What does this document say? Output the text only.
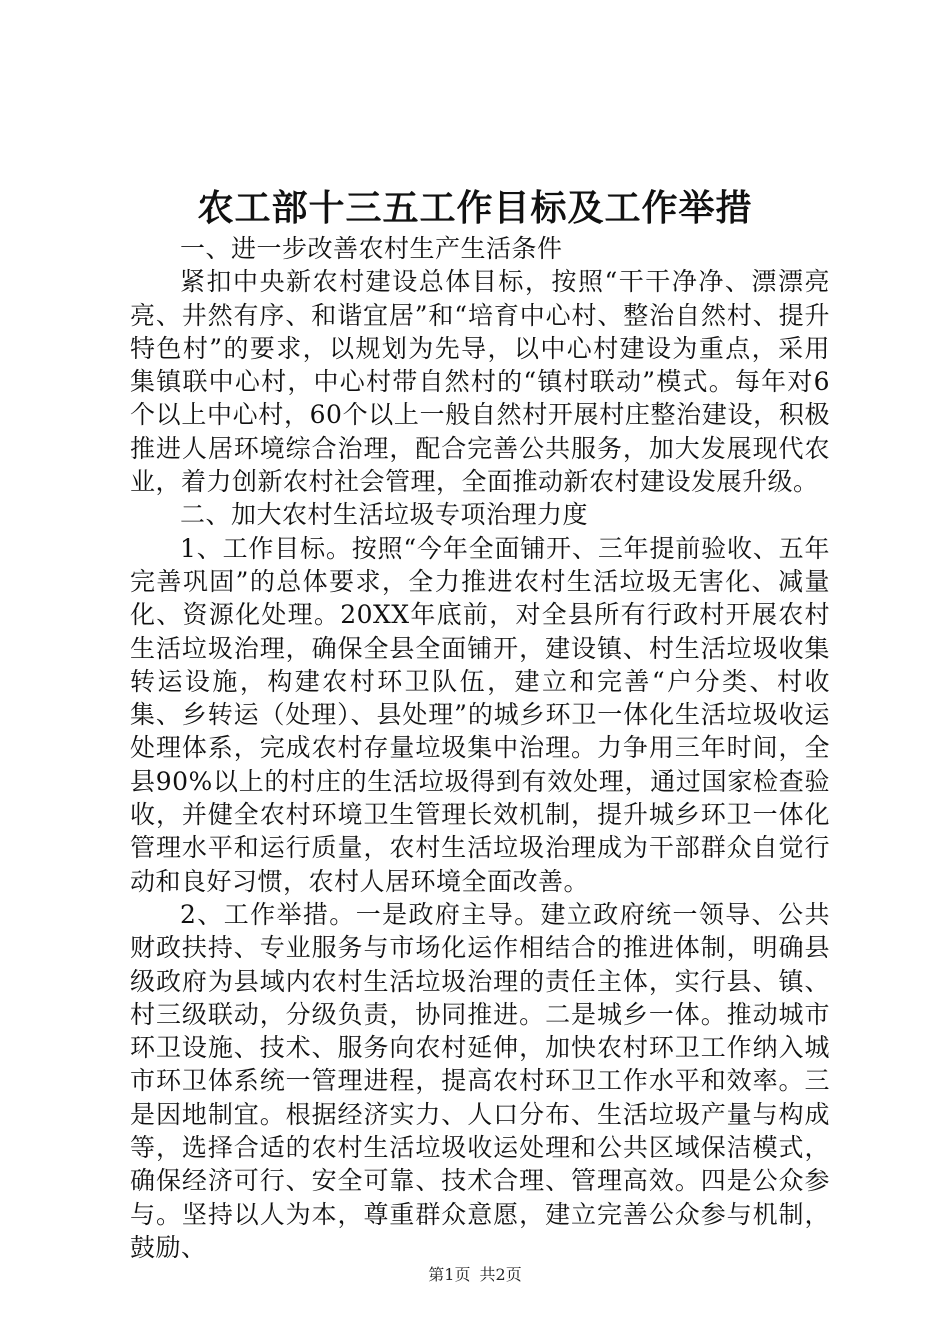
农工部十三五工作目标及工作举措

一、进一步改善农村生产生活条件

紧扣中央新农村建设总体目标，按照“干干净净、漂漂亮亮、井然有序、和谐宜居”和“培育中心村、整治自然村、提升特色村”的要求，以规划为先导，以中心村建设为重点，采用集镇联中心村，中心村带自然村的“镇村联动”模式。每年对6个以上中心村，60个以上一般自然村开展村庄整治建设，积极推进人居环境综合治理，配合完善公共服务，加大发展现代农业，着力创新农村社会管理，全面推动新农村建设发展升级。

二、加大农村生活垃圾专项治理力度

1、工作目标。按照“今年全面铺开、三年提前验收、五年完善巩固”的总体要求，全力推进农村生活垃圾无害化、减量化、资源化处理。20XX年底前，对全县所有行政村开展农村生活垃圾治理，确保全县全面铺开，建设镇、村生活垃圾收集转运设施，构建农村环卫队伍，建立和完善“户分类、村收集、乡转运（处理）、县处理”的城乡环卫一体化生活垃圾收运处理体系，完成农村存量垃圾集中治理。力争用三年时间，全县90%以上的村庄的生活垃圾得到有效处理，通过国家检查验收，并健全农村环境卫生管理长效机制，提升城乡环卫一体化管理水平和运行质量，农村生活垃圾治理成为干部群众自觉行动和良好习惯，农村人居环境全面改善。

2、工作举措。一是政府主导。建立政府统一领导、公共财政扶持、专业服务与市场化运作相结合的推进体制，明确县级政府为县域内农村生活垃圾治理的责任主体，实行县、镇、村三级联动，分级负责，协同推进。二是城乡一体。推动城市环卫设施、技术、服务向农村延伸，加快农村环卫工作纳入城市环卫体系统一管理进程，提高农村环卫工作水平和效率。三是因地制宜。根据经济实力、人口分布、生活垃圾产量与构成等，选择合适的农村生活垃圾收运处理和公共区域保洁模式，确保经济可行、安全可靠、技术合理、管理高效。四是公众参与。坚持以人为本，尊重群众意愿，建立完善公众参与机制，鼓励、

第1页 共2页
